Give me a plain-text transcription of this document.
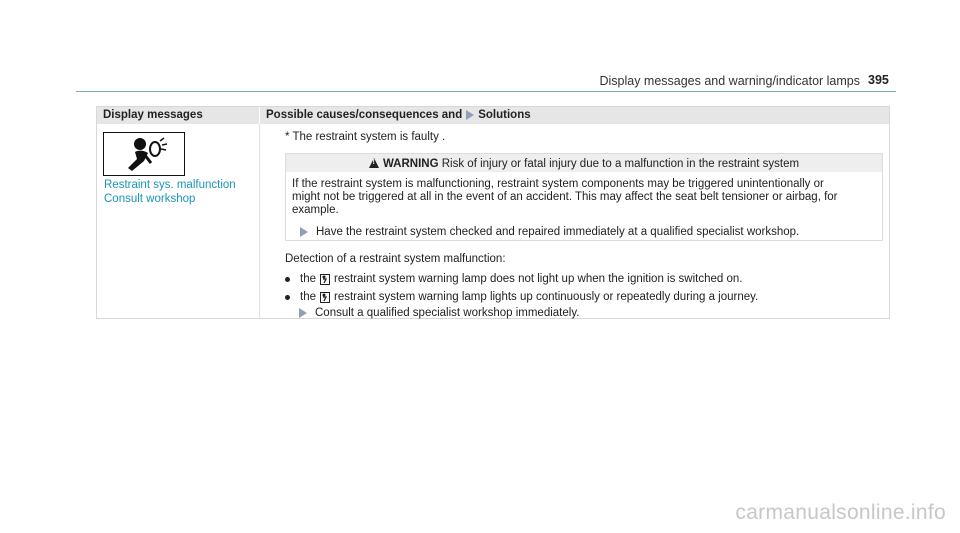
Display messages and warning/indicator lamps 395
Display messages	Possible causes/consequences and Solutions
Restraint sys. malfunction
Consult workshop
* The restraint system is faulty .
!WARNING Risk of injury or fatal injury due to a malfunction in the restraint system
If the restraint system is malfunctioning, restraint system components may be triggered unintentionally or
might not be triggered at all in the event of an accident. This may affect the seat belt tensioner or airbag, for
example.
Have the restraint system checked and repaired immediately at a qualified specialist workshop.
Detection of a restraint system malfunction:
the restraint system warning lamp does not light up when the ignition is switched on.
the restraint system warning lamp lights up continuously or repeatedly during a journey.
Consult a qualified specialist workshop immediately.
carmanualsonline.info
